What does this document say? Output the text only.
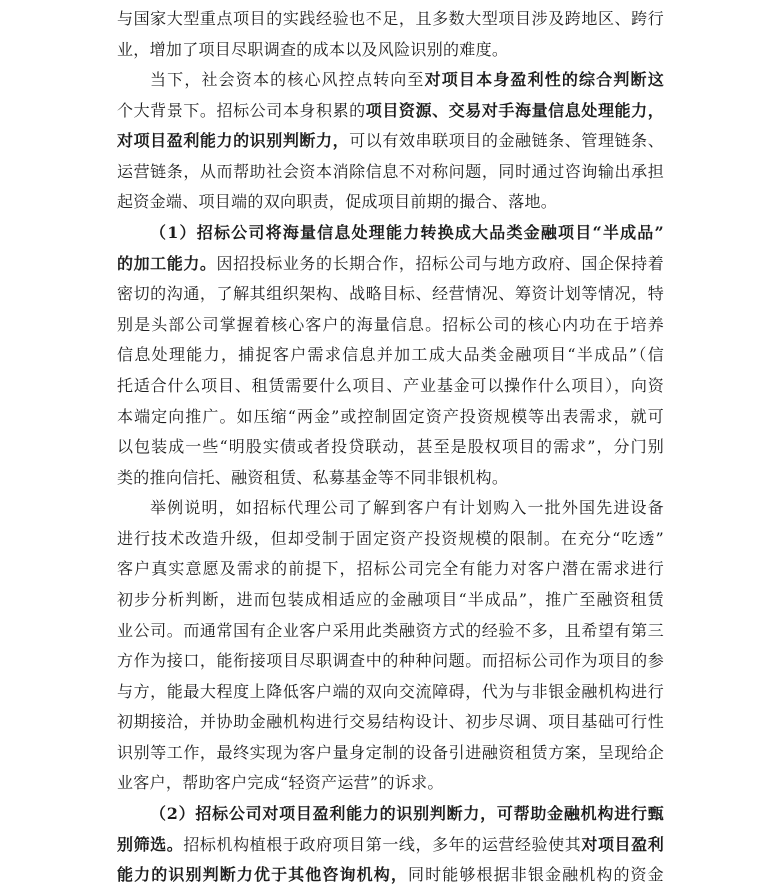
与国家大型重点项目的实践经验也不足，且多数大型项目涉及跨地区、跨行
业，增加了项目尽职调查的成本以及风险识别的难度。
当下，社会资本的核心风控点转向至对项目本身盈利性的综合判断这
个大背景下。招标公司本身积累的项目资源、交易对手海量信息处理能力，
对项目盈利能力的识别判断力，可以有效串联项目的金融链条、管理链条、
运营链条，从而帮助社会资本消除信息不对称问题，同时通过咨询输出承担
起资金端、项目端的双向职责，促成项目前期的撮合、落地。
（1）招标公司将海量信息处理能力转换成大品类金融项目“半成品”
的加工能力。因招投标业务的长期合作，招标公司与地方政府、国企保持着
密切的沟通，了解其组织架构、战略目标、经营情况、筹资计划等情况，特
别是头部公司掌握着核心客户的海量信息。招标公司的核心内功在于培养
信息处理能力，捕捉客户需求信息并加工成大品类金融项目“半成品”（信
托适合什么项目、租赁需要什么项目、产业基金可以操作什么项目），向资
本端定向推广。如压缩“两金”或控制固定资产投资规模等出表需求，就可
以包装成一些“明股实债或者投贷联动，甚至是股权项目的需求”，分门别
类的推向信托、融资租赁、私募基金等不同非银机构。
举例说明，如招标代理公司了解到客户有计划购入一批外国先进设备
进行技术改造升级，但却受制于固定资产投资规模的限制。在充分“吃透”
客户真实意愿及需求的前提下，招标公司完全有能力对客户潜在需求进行
初步分析判断，进而包装成相适应的金融项目“半成品”，推广至融资租赁
业公司。而通常国有企业客户采用此类融资方式的经验不多，且希望有第三
方作为接口，能衔接项目尽职调查中的种种问题。而招标公司作为项目的参
与方，能最大程度上降低客户端的双向交流障碍，代为与非银金融机构进行
初期接洽，并协助金融机构进行交易结构设计、初步尽调、项目基础可行性
识别等工作，最终实现为客户量身定制的设备引进融资租赁方案，呈现给企
业客户，帮助客户完成“轻资产运营”的诉求。
（2）招标公司对项目盈利能力的识别判断力，可帮助金融机构进行甄
别筛选。招标机构植根于政府项目第一线，多年的运营经验使其对项目盈利
能力的识别判断力优于其他咨询机构，同时能够根据非银金融机构的资金
